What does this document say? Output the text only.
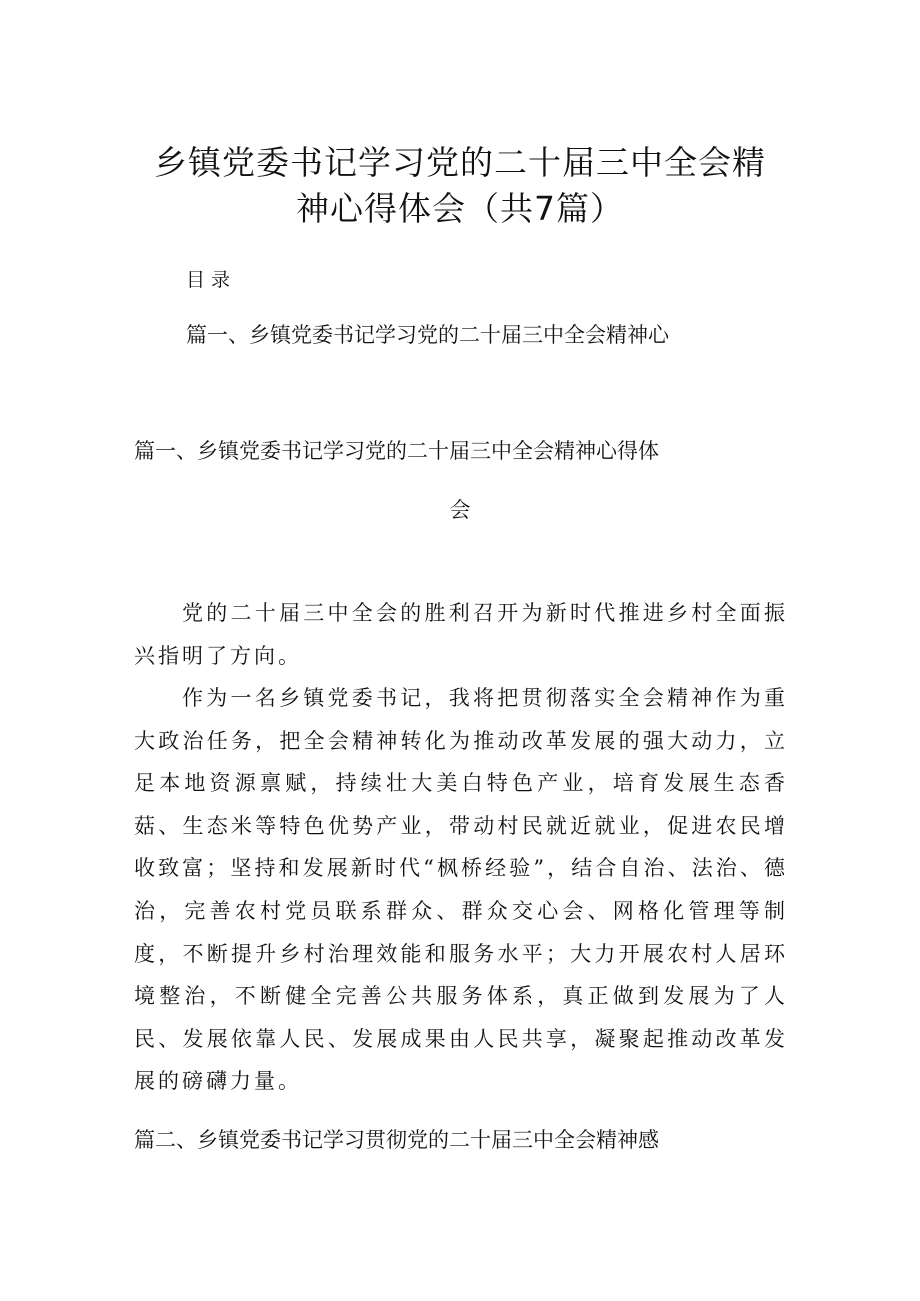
乡镇党委书记学习党的二十届三中全会精
神心得体会（共7篇）
目录
篇一、乡镇党委书记学习党的二十届三中全会精神心
篇一、乡镇党委书记学习党的二十届三中全会精神心得体
会

党的二十届三中全会的胜利召开为新时代推进乡村全面振兴指明了方向。

作为一名乡镇党委书记，我将把贯彻落实全会精神作为重大政治任务，把全会精神转化为推动改革发展的强大动力，立足本地资源禀赋，持续壮大美白特色产业，培育发展生态香菇、生态米等特色优势产业，带动村民就近就业，促进农民增收致富；坚持和发展新时代“枫桥经验”，结合自治、法治、德治，完善农村党员联系群众、群众交心会、网格化管理等制度，不断提升乡村治理效能和服务水平；大力开展农村人居环境整治，不断健全完善公共服务体系，真正做到发展为了人民、发展依靠人民、发展成果由人民共享，凝聚起推动改革发展的磅礴力量。

篇二、乡镇党委书记学习贯彻党的二十届三中全会精神感
